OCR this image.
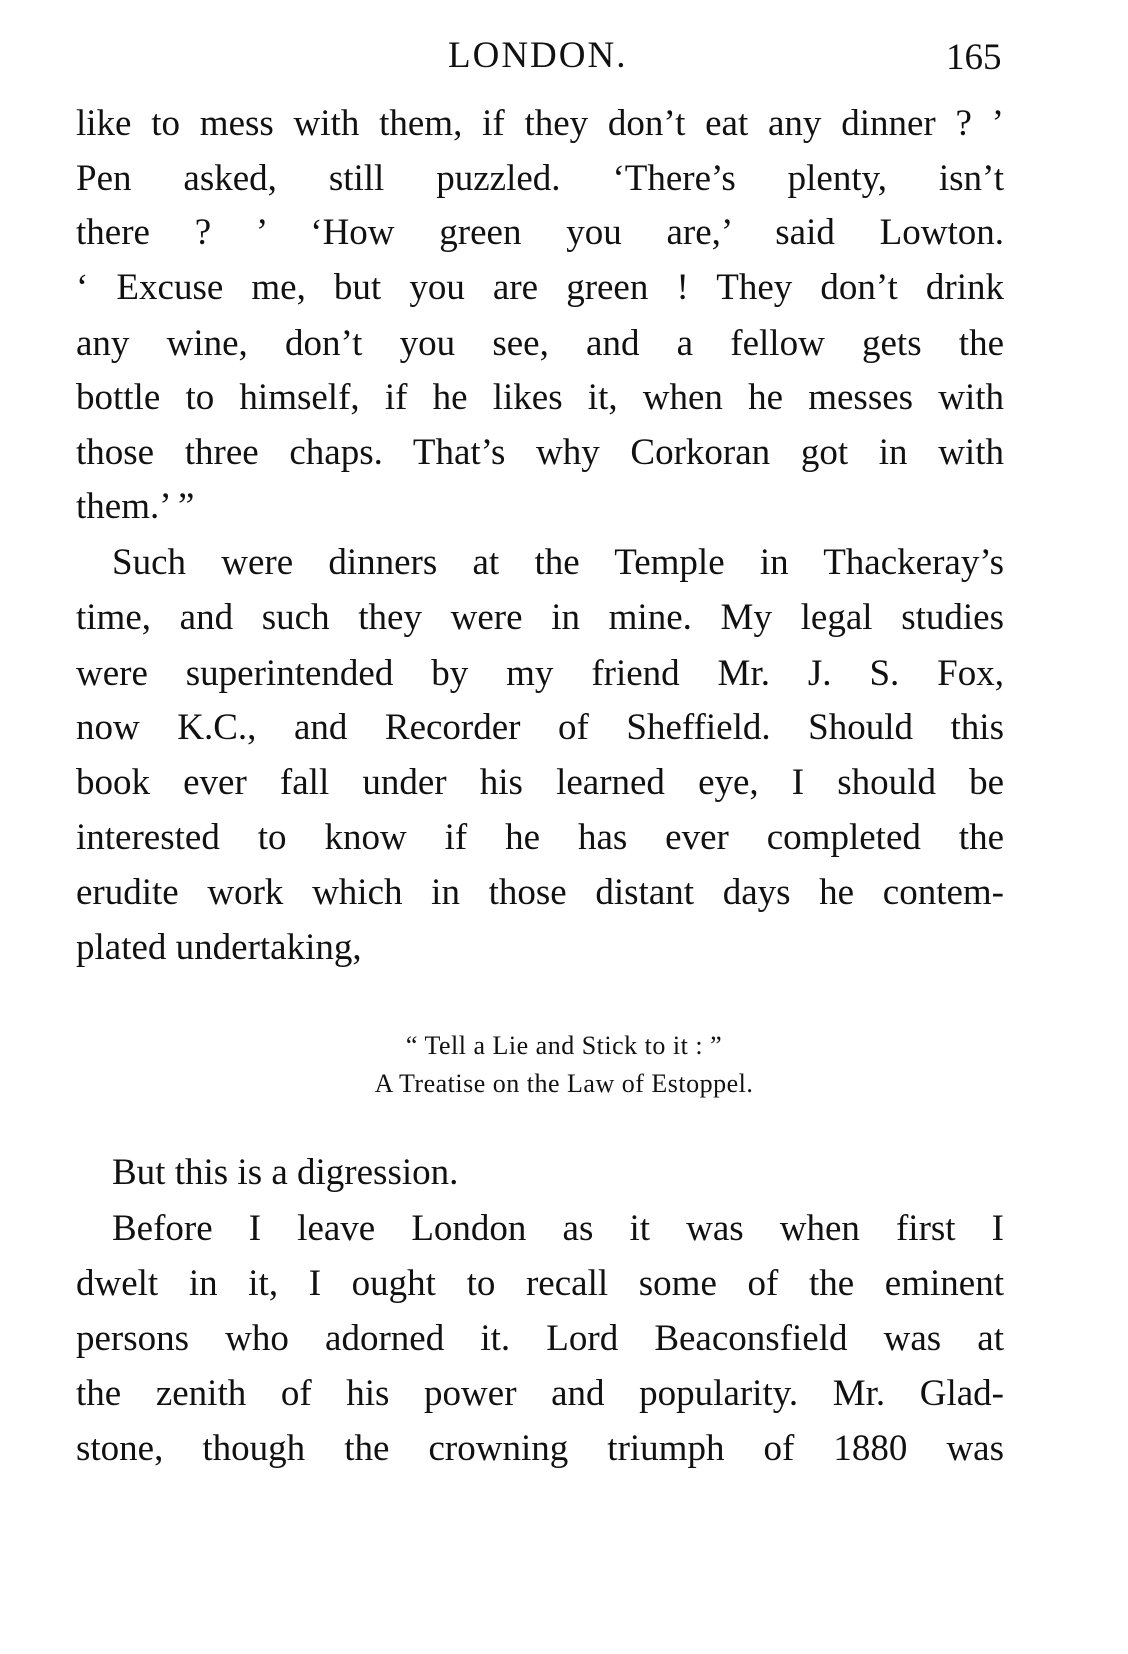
LONDON.	165
like to mess with them, if they don’t eat any dinner ? ’
Pen asked, still puzzled. ‘There’s plenty, isn’t
there ? ’ ‘How green you are,’ said Lowton.
‘ Excuse me, but you are green ! They don’t drink
any wine, don’t you see, and a fellow gets the
bottle to himself, if he likes it, when he messes with
those three chaps. That’s why Corkoran got in with
them.’ ”
Such were dinners at the Temple in Thackeray’s
time, and such they were in mine. My legal studies
were superintended by my friend Mr. J. S. Fox,
now K.C., and Recorder of Sheffield. Should this
book ever fall under his learned eye, I should be
interested to know if he has ever completed the
erudite work which in those distant days he contem-
plated undertaking,
“ Tell a Lie and Stick to it : ”
A Treatise on the Law of Estoppel.
But this is a digression.
Before I leave London as it was when first I
dwelt in it, I ought to recall some of the eminent
persons who adorned it. Lord Beaconsfield was at
the zenith of his power and popularity. Mr. Glad-
stone, though the crowning triumph of 1880 was
